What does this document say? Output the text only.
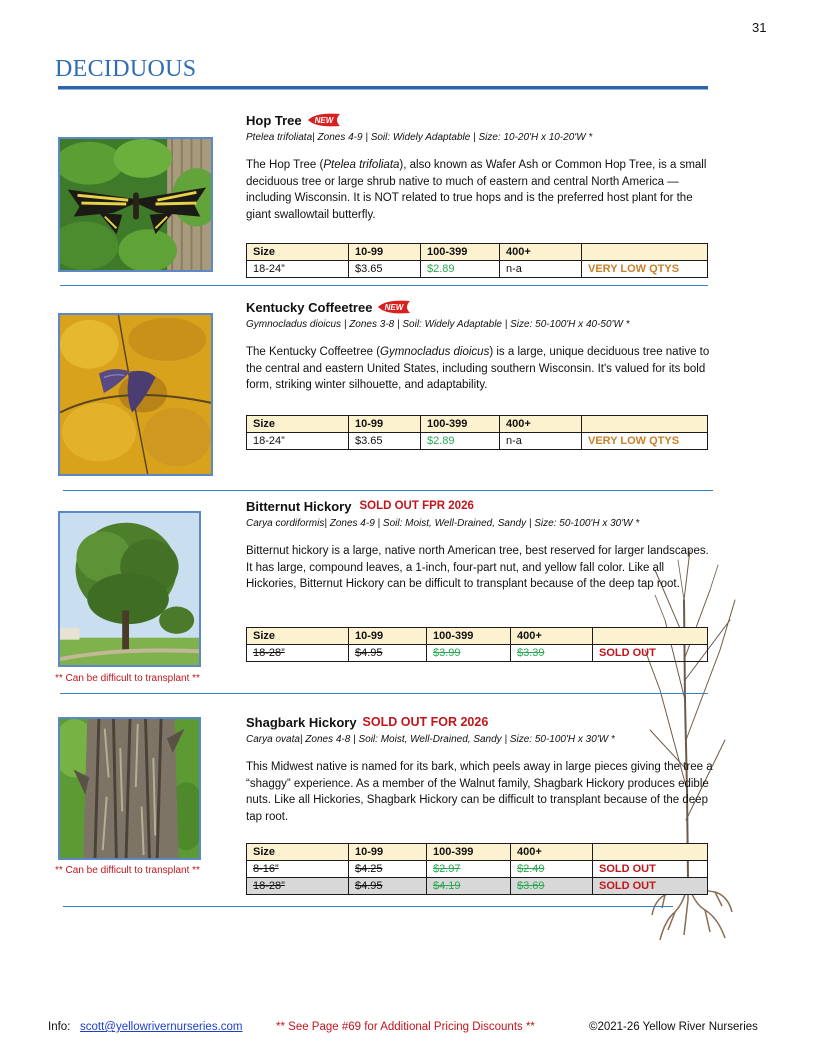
31
DECIDUOUS
Hop Tree NEW
Ptelea trifoliata| Zones 4-9 | Soil: Widely Adaptable | Size: 10-20'H x 10-20'W *
The Hop Tree (Ptelea trifoliata), also known as Wafer Ash or Common Hop Tree, is a small deciduous tree or large shrub native to much of eastern and central North America — including Wisconsin. It is NOT related to true hops and is the preferred host plant for the giant swallowtail butterfly.
Size	10-99	100-399	400+	
18-24”	$3.65	$2.89	n-a	VERY LOW QTYS
Kentucky Coffeetree NEW
Gymnocladus dioicus | Zones 3-8 | Soil: Widely Adaptable | Size: 50-100'H x 40-50'W *
The Kentucky Coffeetree (Gymnocladus dioicus) is a large, unique deciduous tree native to the central and eastern United States, including southern Wisconsin. It's valued for its bold form, striking winter silhouette, and adaptability.
Size	10-99	100-399	400+	
18-24”	$3.65	$2.89	n-a	VERY LOW QTYS
Bitternut Hickory SOLD OUT FPR 2026
Carya cordiformis| Zones 4-9 | Soil: Moist, Well-Drained, Sandy | Size: 50-100'H x 30'W *
Bitternut hickory is a large, native north American tree, best reserved for larger landscapes. It has large, compound leaves, a 1-inch, four-part nut, and yellow fall color. Like all Hickories, Bitternut Hickory can be difficult to transplant because of the deep tap root.
Size	10-99	100-399	400+	
18-28”	$4.95	$3.99	$3.39	SOLD OUT
** Can be difficult to transplant **
Shagbark Hickory SOLD OUT FOR 2026
Carya ovata| Zones 4-8 | Soil: Moist, Well-Drained, Sandy | Size: 50-100'H x 30'W *
This Midwest native is named for its bark, which peels away in large pieces giving the tree a “shaggy” experience. As a member of the Walnut family, Shagbark Hickory produces edible nuts. Like all Hickories, Shagbark Hickory can be difficult to transplant because of the deep tap root.
Size	10-99	100-399	400+	
8-16”	$4.25	$2.97	$2.49	SOLD OUT
18-28”	$4.95	$4.19	$3.69	SOLD OUT
** Can be difficult to transplant **
Info: scott@yellowrivernurseries.com	** See Page #69 for Additional Pricing Discounts **	©2021-26 Yellow River Nurseries
